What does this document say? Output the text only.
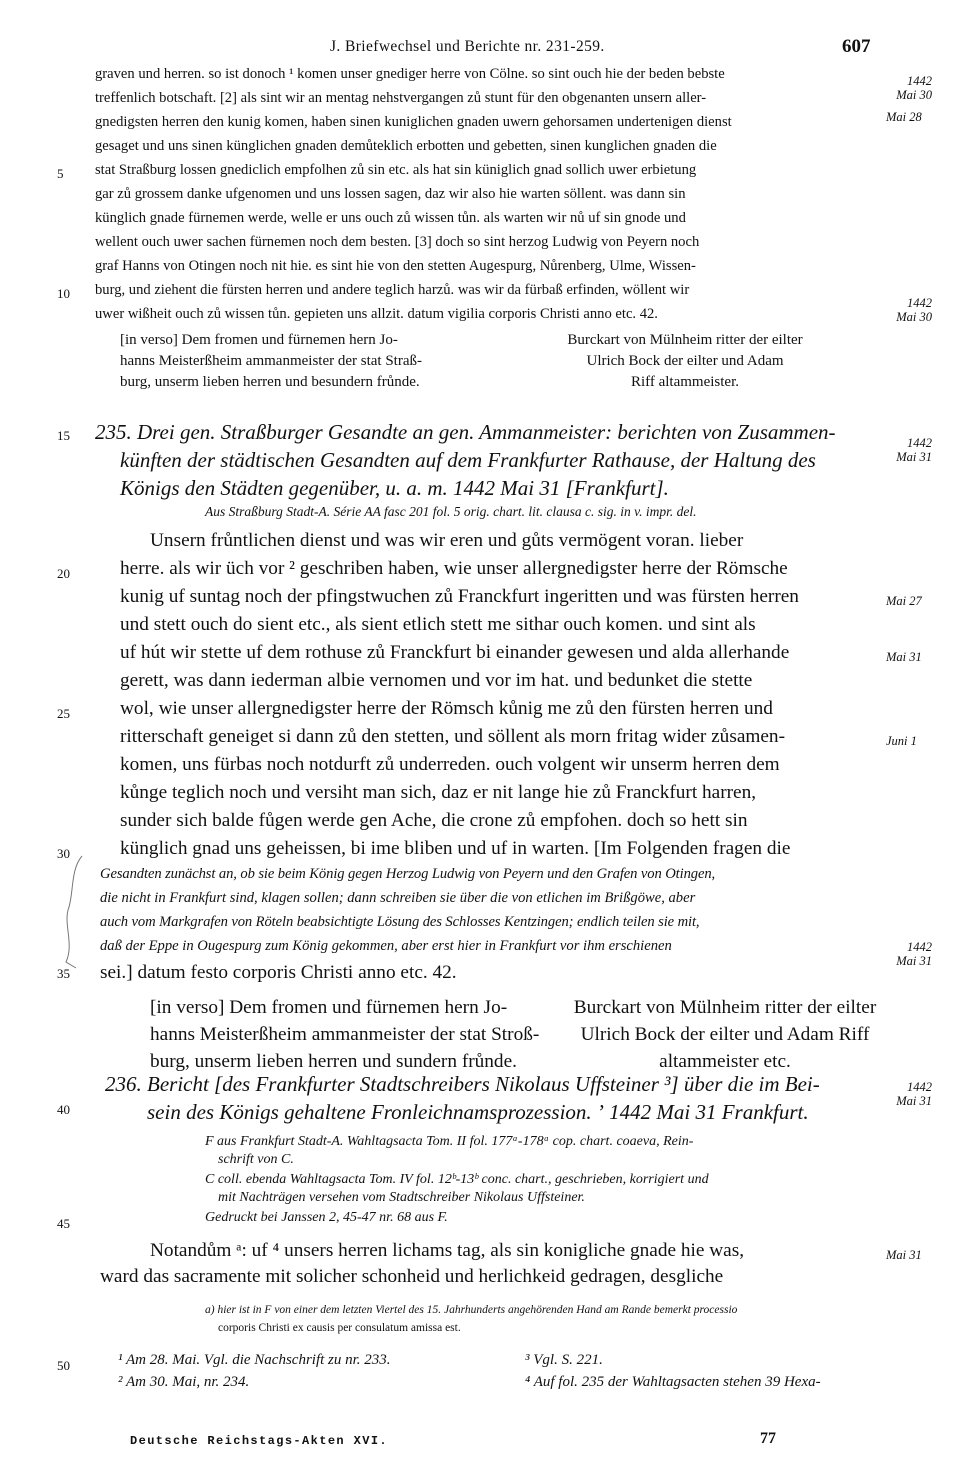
J. Briefwechsel und Berichte nr. 231-259.	607
graven und herren. so ist donoch ¹ komen unser gnediger herre von Cölne. so sint ouch hie der beden bebste
treffenlich botschaft. [2] als sint wir an mentag nehstvergangen zů stunt für den obgenanten unsern aller-
gnedigsten herren den kunig komen, haben sinen kuniglichen gnaden uwern gehorsamen undertenigen dienst
gesaget und uns sinen künglichen gnaden demůteklich erbotten und gebetten, sinen kunglichen gnaden die
stat Straßburg lossen gnediclich empfolhen zů sin etc. als hat sin küniglich gnad sollich uwer erbietung
gar zů grossem danke ufgenomen und uns lossen sagen, daz wir also hie warten söllent. was dann sin
künglich gnade fürnemen werde, welle er uns ouch zů wissen tůn. als warten wir nů uf sin gnode und
wellent ouch uwer sachen fürnemen noch dem besten. [3] doch so sint herzog Ludwig von Peyern noch
graf Hanns von Otingen noch nit hie. es sint hie von den stetten Augespurg, Nůrenberg, Ulme, Wissen-
burg, und ziehent die fürsten herren und andere teglich harzů. was wir da fürbaß erfinden, wöllent wir
uwer wißheit ouch zů wissen tůn. gepieten uns allzit. datum vigilia corporis Christi anno etc. 42.
[in verso] Dem fromen und fürnemen hern Jo-
hanns Meisterßheim ammanmeister der stat Straß-
burg, unserm lieben herren und besundern frůnde.
Burckart von Mülnheim ritter der eilter
Ulrich Bock der eilter und Adam
Riff altammeister.
235. Drei gen. Straßburger Gesandte an gen. Ammanmeister: berichten von Zusammen-
künften der städtischen Gesandten auf dem Frankfurter Rathause, der Haltung des
Königs den Städten gegenüber, u. a. m. 1442 Mai 31 [Frankfurt].
Aus Straßburg Stadt-A. Série AA fasc 201 fol. 5 orig. chart. lit. clausa c. sig. in v. impr. del.
Unsern frůntlichen dienst und was wir eren und gůts vermögent voran. lieber
herre. als wir üch vor ² geschriben haben, wie unser allergnedigster herre der Römsche
kunig uf suntag noch der pfingstwuchen zů Franckfurt ingeritten und was fürsten herren
und stett ouch do sient etc., als sient etlich stett me sithar ouch komen. und sint als
uf hút wir stette uf dem rothuse zů Franckfurt bi einander gewesen und alda allerhande
gerett, was dann iederman albie vernomen und vor im hat. und bedunket die stette
wol, wie unser allergnedigster herre der Römsch kůnig me zů den fürsten herren und
ritterschaft geneiget si dann zů den stetten, und söllent als morn fritag wider zůsamen-
komen, uns fürbas noch notdurft zů underreden. ouch volgent wir unserm herren dem
kůnge teglich noch und versiht man sich, daz er nit lange hie zů Franckfurt harren,
sunder sich balde fůgen werde gen Ache, die crone zů empfohen. doch so hett sin
künglich gnad uns geheissen, bi ime bliben und uf in warten. [Im Folgenden fragen die
Gesandten zunächst an, ob sie beim König gegen Herzog Ludwig von Peyern und den Grafen von Otingen,
die nicht in Frankfurt sind, klagen sollen; dann schreiben sie über die von etlichen im Brißgöwe, aber
auch vom Markgrafen von Röteln beabsichtigte Lösung des Schlosses Kentzingen; endlich teilen sie mit,
daß der Eppe in Ougespurg zum König gekommen, aber erst hier in Frankfurt vor ihm erschienen
sei.] datum festo corporis Christi anno etc. 42.
[in verso] Dem fromen und fürnemen hern Jo-
hanns Meisterßheim ammanmeister der stat Stroß-
burg, unserm lieben herren und sundern frůnde.
Burckart von Mülnheim ritter der eilter
Ulrich Bock der eilter und Adam Riff
altammeister etc.
236. Bericht [des Frankfurter Stadtschreibers Nikolaus Uffsteiner ³] über die im Bei-
sein des Königs gehaltene Fronleichnamsprozession. ʼ 1442 Mai 31 Frankfurt.
F aus Frankfurt Stadt-A. Wahltagsacta Tom. II fol. 177ᵃ-178ᵃ cop. chart. coaeva, Rein-
schrift von C.
C coll. ebenda Wahltagsacta Tom. IV fol. 12ᵇ-13ᵇ conc. chart., geschrieben, korrigiert und
mit Nachträgen versehen vom Stadtschreiber Nikolaus Uffsteiner.
Gedruckt bei Janssen 2, 45-47 nr. 68 aus F.
Notandům ᵃ: uf ⁴ unsers herren lichams tag, als sin konigliche gnade hie was,
ward das sacramente mit solicher schonheid und herlichkeid gedragen, desgliche
a) hier ist in F von einer dem letzten Viertel des 15. Jahrhunderts angehörenden Hand am Rande bemerkt processio
corporis Christi ex causis per consulatum amissa est.
¹ Am 28. Mai. Vgl. die Nachschrift zu nr. 233.
² Am 30. Mai, nr. 234.
³ Vgl. S. 221.
⁴ Auf fol. 235 der Wahltagsacten stehen 39 Hexa-
Deutsche Reichstags-Akten XVI.	77
5
10
15
20
25
30
35
40
45
50
1442
Mai 30
Mai 28
1442
Mai 30
1442
Mai 31
Mai 27
Mai 31
Juni 1
1442
Mai 31
1442
Mai 31
Mai 31
